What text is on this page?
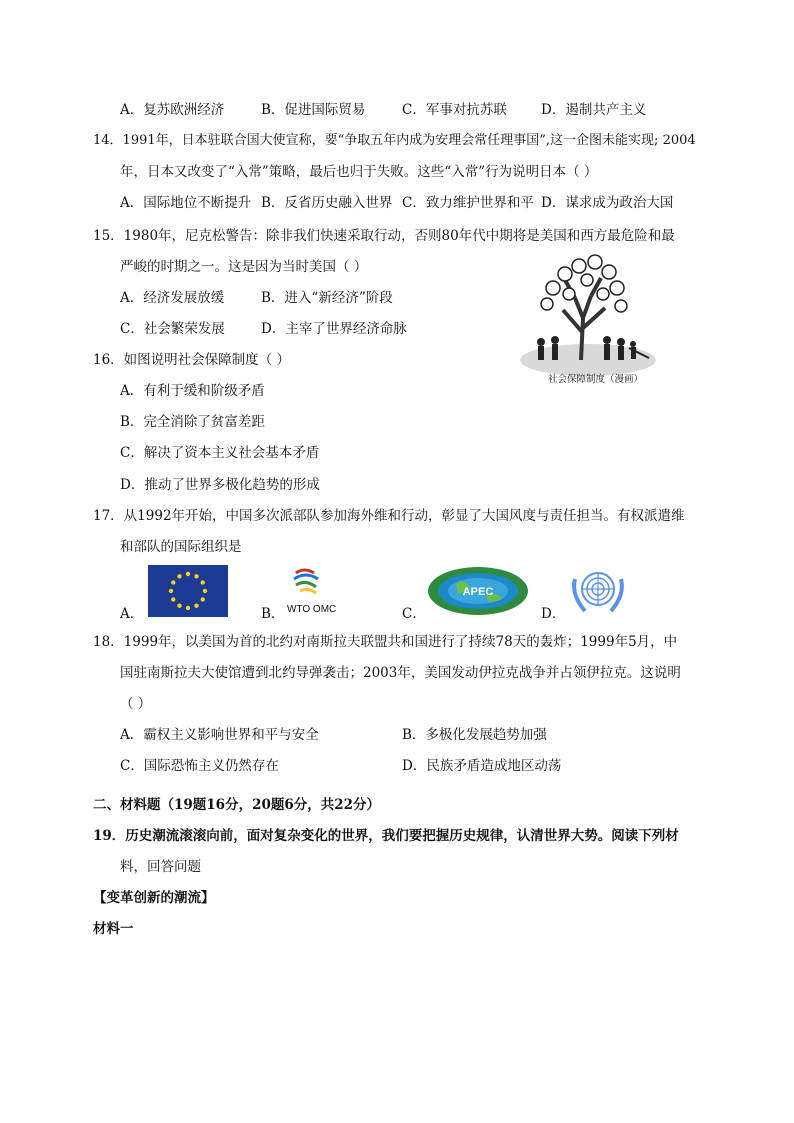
A．复苏欧洲经济	B．促进国际贸易	C．军事对抗苏联	D．遏制共产主义
14．1991年，日本驻联合国大使宣称，要“争取五年内成为安理会常任理事国”,这一企图未能实现; 2004
年，日本又改变了“入常”策略，最后也归于失败。这些“入常”行为说明日本（ ）
A．国际地位不断提升 B．反省历史融入世界 C．致力维护世界和平 D．谋求成为政治大国
15．1980年，尼克松警告：除非我们快速采取行动，否则80年代中期将是美国和西方最危险和最
严峻的时期之一。这是因为当时美国（ ）
A．经济发展放缓	B．进入“新经济”阶段
C．社会繁荣发展	D．主宰了世界经济命脉
社会保障制度（漫画）
16．如图说明社会保障制度（ ）
A．有利于缓和阶级矛盾
B．完全消除了贫富差距
C．解决了资本主义社会基本矛盾
D．推动了世界多极化趋势的形成
17．从1992年开始，中国多次派部队参加海外维和行动，彰显了大国风度与责任担当。有权派遣维
和部队的国际组织是
A．	B． WTO OMC	C．
APEC
D．
18．1999年，以美国为首的北约对南斯拉夫联盟共和国进行了持续78天的轰炸；1999年5月，中
国驻南斯拉夫大使馆遭到北约导弹袭击；2003年，美国发动伊拉克战争并占领伊拉克。这说明
（ ）
A．霸权主义影响世界和平与安全	B．多极化发展趋势加强
C．国际恐怖主义仍然存在	D．民族矛盾造成地区动荡
二、材料题（19题16分，20题6分，共22分）
19．历史潮流滚滚向前，面对复杂变化的世界，我们要把握历史规律，认清世界大势。阅读下列材
料，回答问题
【变革创新的潮流】
材料一
